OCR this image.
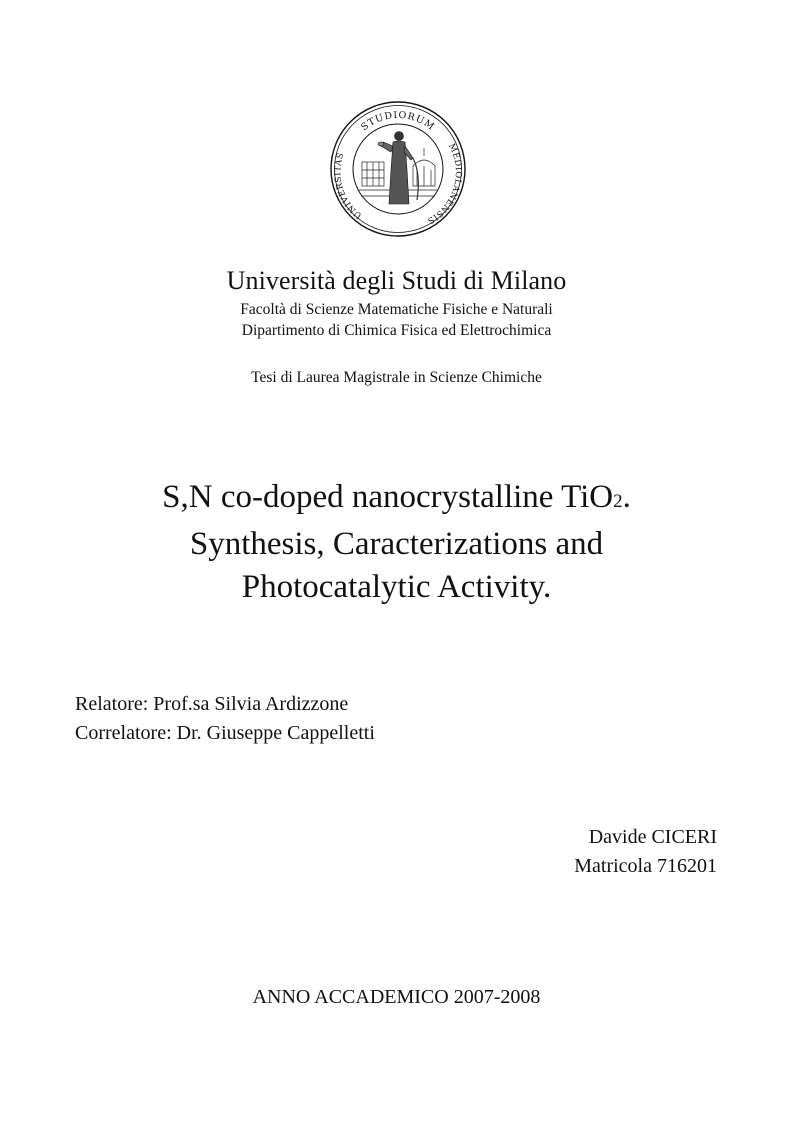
STUDIORUM
UNIVERSITAS
MEDIOLANENSIS
Università degli Studi di Milano
Facoltà di Scienze Matematiche Fisiche e Naturali
Dipartimento di Chimica Fisica ed Elettrochimica
Tesi di Laurea Magistrale in Scienze Chimiche
S,N co-doped nanocrystalline TiO2.
Synthesis, Caracterizations and
Photocatalytic Activity.
Relatore: Prof.sa Silvia Ardizzone
Correlatore: Dr. Giuseppe Cappelletti
Davide CICERI
Matricola 716201
ANNO ACCADEMICO 2007-2008
